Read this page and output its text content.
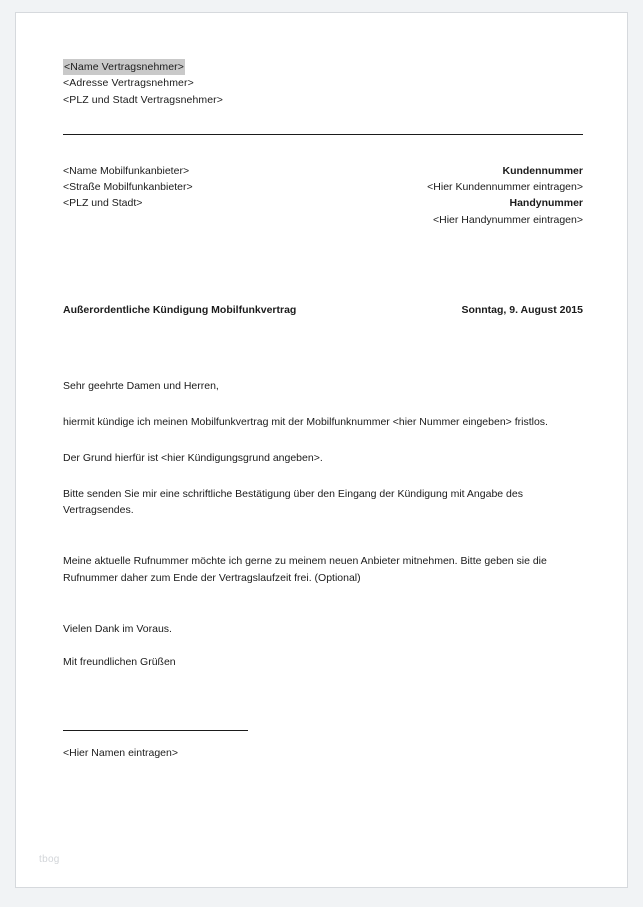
<Name Vertragsnehmer>
<Adresse Vertragsnehmer>
<PLZ und Stadt Vertragsnehmer>
<Name Mobilfunkanbieter>
<Straße Mobilfunkanbieter>
<PLZ und Stadt>
Kundennummer
<Hier Kundennummer eintragen>
Handynummer
<Hier Handynummer eintragen>
Außerordentliche Kündigung Mobilfunkvertrag	Sonntag, 9. August 2015

Sehr geehrte Damen und Herren,

hiermit kündige ich meinen Mobilfunkvertrag mit der Mobilfunknummer <hier Nummer eingeben> fristlos.

Der Grund hierfür ist <hier Kündigungsgrund angeben>.

Bitte senden Sie mir eine schriftliche Bestätigung über den Eingang der Kündigung mit Angabe des Vertragsendes.

Meine aktuelle Rufnummer möchte ich gerne zu meinem neuen Anbieter mitnehmen. Bitte geben sie die Rufnummer daher zum Ende der Vertragslaufzeit frei. (Optional)

Vielen Dank im Voraus.

Mit freundlichen Grüßen

<Hier Namen eintragen>
tbog
